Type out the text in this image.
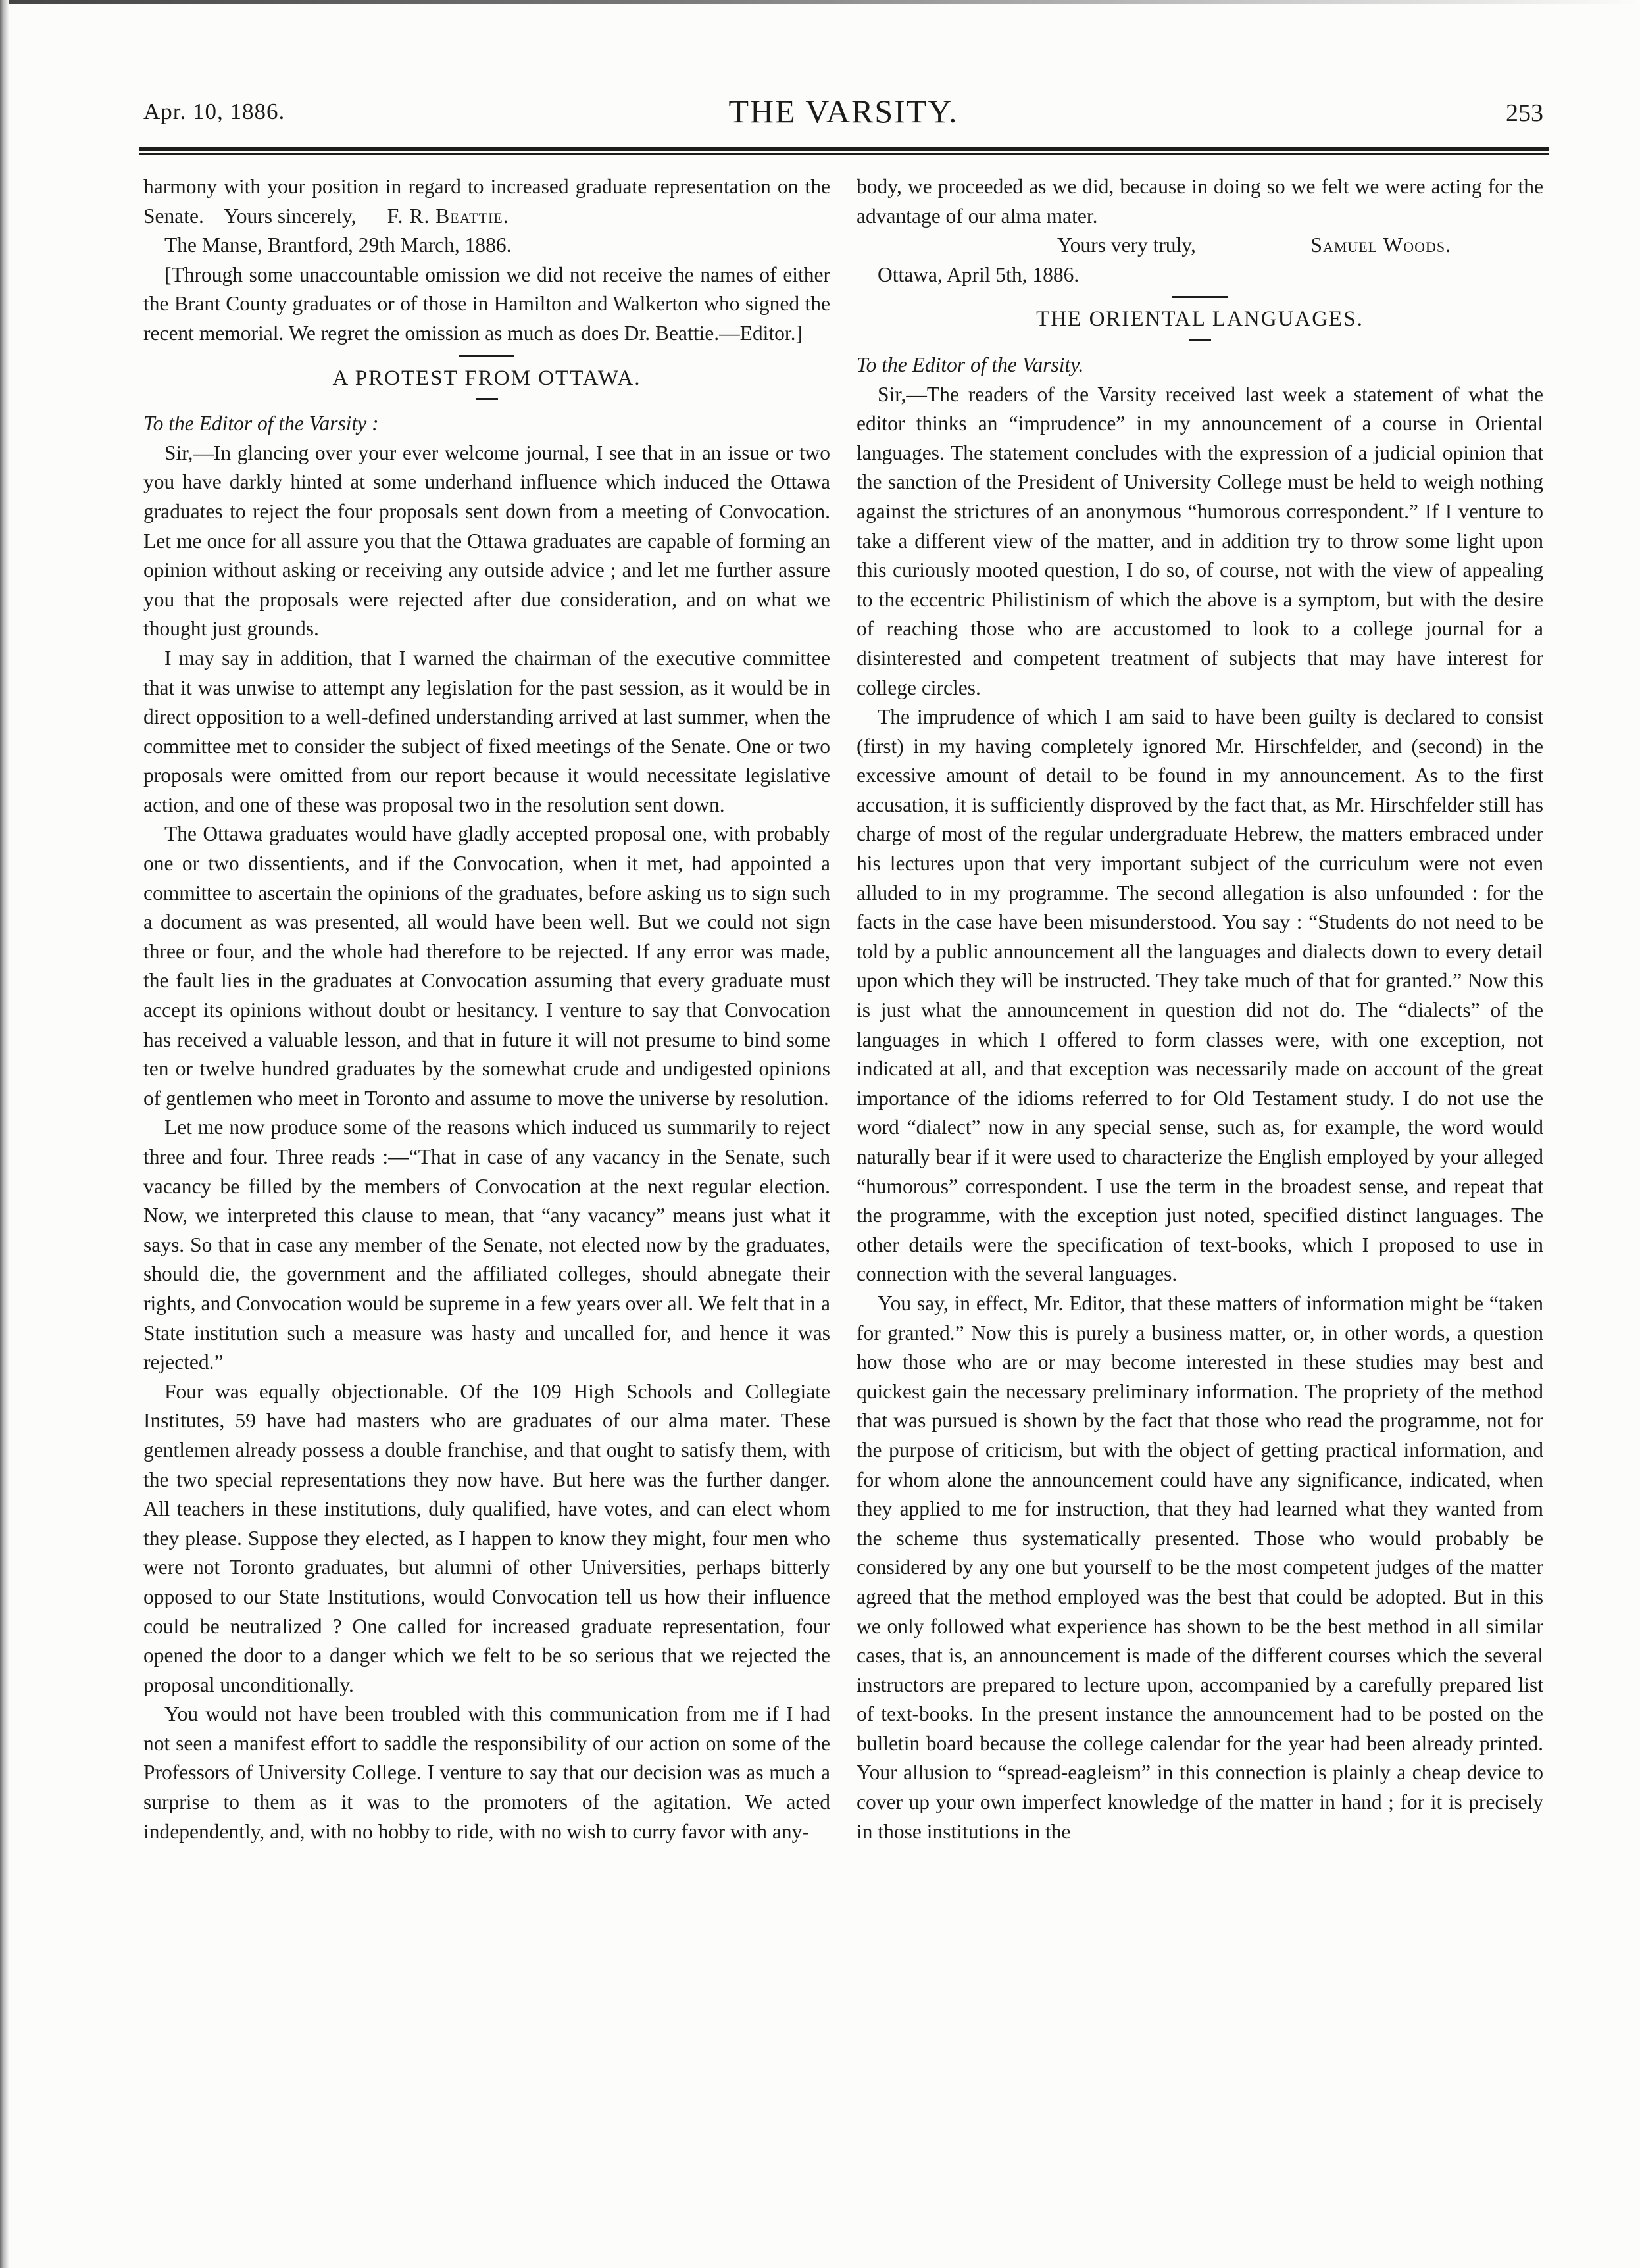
Apr. 10, 1886.	THE VARSITY.	253

harmony with your position in regard to increased graduate representation on the Senate. Yours sincerely, F. R. Beattie.

The Manse, Brantford, 29th March, 1886.

[Through some unaccountable omission we did not receive the names of either the Brant County graduates or of those in Hamilton and Walkerton who signed the recent memorial. We regret the omission as much as does Dr. Beattie.—Editor.]

A PROTEST FROM OTTAWA.

To the Editor of the Varsity :

Sir,—In glancing over your ever welcome journal, I see that in an issue or two you have darkly hinted at some underhand influence which induced the Ottawa graduates to reject the four proposals sent down from a meeting of Convocation. Let me once for all assure you that the Ottawa graduates are capable of forming an opinion without asking or receiving any outside advice ; and let me further assure you that the proposals were rejected after due consideration, and on what we thought just grounds.

I may say in addition, that I warned the chairman of the executive committee that it was unwise to attempt any legislation for the past session, as it would be in direct opposition to a well-defined understanding arrived at last summer, when the committee met to consider the subject of fixed meetings of the Senate. One or two proposals were omitted from our report because it would necessitate legislative action, and one of these was proposal two in the resolution sent down.

The Ottawa graduates would have gladly accepted proposal one, with probably one or two dissentients, and if the Convocation, when it met, had appointed a committee to ascertain the opinions of the graduates, before asking us to sign such a document as was presented, all would have been well. But we could not sign three or four, and the whole had therefore to be rejected. If any error was made, the fault lies in the graduates at Convocation assuming that every graduate must accept its opinions without doubt or hesitancy. I venture to say that Convocation has received a valuable lesson, and that in future it will not presume to bind some ten or twelve hundred graduates by the somewhat crude and undigested opinions of gentlemen who meet in Toronto and assume to move the universe by resolution.

Let me now produce some of the reasons which induced us summarily to reject three and four. Three reads :—“That in case of any vacancy in the Senate, such vacancy be filled by the members of Convocation at the next regular election. Now, we interpreted this clause to mean, that “any vacancy” means just what it says. So that in case any member of the Senate, not elected now by the graduates, should die, the government and the affiliated colleges, should abnegate their rights, and Convocation would be supreme in a few years over all. We felt that in a State institution such a measure was hasty and uncalled for, and hence it was rejected.”

Four was equally objectionable. Of the 109 High Schools and Collegiate Institutes, 59 have had masters who are graduates of our alma mater. These gentlemen already possess a double franchise, and that ought to satisfy them, with the two special representations they now have. But here was the further danger. All teachers in these institutions, duly qualified, have votes, and can elect whom they please. Suppose they elected, as I happen to know they might, four men who were not Toronto graduates, but alumni of other Universities, perhaps bitterly opposed to our State Institutions, would Convocation tell us how their influence could be neutralized ? One called for increased graduate representation, four opened the door to a danger which we felt to be so serious that we rejected the proposal unconditionally.

You would not have been troubled with this communication from me if I had not seen a manifest effort to saddle the responsibility of our action on some of the Professors of University College. I venture to say that our decision was as much a surprise to them as it was to the promoters of the agitation. We acted independently, and, with no hobby to ride, with no wish to curry favor with any-

body, we proceeded as we did, because in doing so we felt we were acting for the advantage of our alma mater.

Yours very truly,	Samuel Woods.

Ottawa, April 5th, 1886.

THE ORIENTAL LANGUAGES.

To the Editor of the Varsity.

Sir,—The readers of the Varsity received last week a statement of what the editor thinks an “imprudence” in my announcement of a course in Oriental languages. The statement concludes with the expression of a judicial opinion that the sanction of the President of University College must be held to weigh nothing against the strictures of an anonymous “humorous correspondent.” If I venture to take a different view of the matter, and in addition try to throw some light upon this curiously mooted question, I do so, of course, not with the view of appealing to the eccentric Philistinism of which the above is a symptom, but with the desire of reaching those who are accustomed to look to a college journal for a disinterested and competent treatment of subjects that may have interest for college circles.

The imprudence of which I am said to have been guilty is declared to consist (first) in my having completely ignored Mr. Hirschfelder, and (second) in the excessive amount of detail to be found in my announcement. As to the first accusation, it is sufficiently disproved by the fact that, as Mr. Hirschfelder still has charge of most of the regular undergraduate Hebrew, the matters embraced under his lectures upon that very important subject of the curriculum were not even alluded to in my programme. The second allegation is also unfounded : for the facts in the case have been misunderstood. You say : “Students do not need to be told by a public announcement all the languages and dialects down to every detail upon which they will be instructed. They take much of that for granted.” Now this is just what the announcement in question did not do. The “dialects” of the languages in which I offered to form classes were, with one exception, not indicated at all, and that exception was necessarily made on account of the great importance of the idioms referred to for Old Testament study. I do not use the word “dialect” now in any special sense, such as, for example, the word would naturally bear if it were used to characterize the English employed by your alleged “humorous” correspondent. I use the term in the broadest sense, and repeat that the programme, with the exception just noted, specified distinct languages. The other details were the specification of text-books, which I proposed to use in connection with the several languages.

You say, in effect, Mr. Editor, that these matters of information might be “taken for granted.” Now this is purely a business matter, or, in other words, a question how those who are or may become interested in these studies may best and quickest gain the necessary preliminary information. The propriety of the method that was pursued is shown by the fact that those who read the programme, not for the purpose of criticism, but with the object of getting practical information, and for whom alone the announcement could have any significance, indicated, when they applied to me for instruction, that they had learned what they wanted from the scheme thus systematically presented. Those who would probably be considered by any one but yourself to be the most competent judges of the matter agreed that the method employed was the best that could be adopted. But in this we only followed what experience has shown to be the best method in all similar cases, that is, an announcement is made of the different courses which the several instructors are prepared to lecture upon, accompanied by a carefully prepared list of text-books. In the present instance the announcement had to be posted on the bulletin board because the college calendar for the year had been already printed. Your allusion to “spread-eagleism” in this connection is plainly a cheap device to cover up your own imperfect knowledge of the matter in hand ; for it is precisely in those institutions in the
